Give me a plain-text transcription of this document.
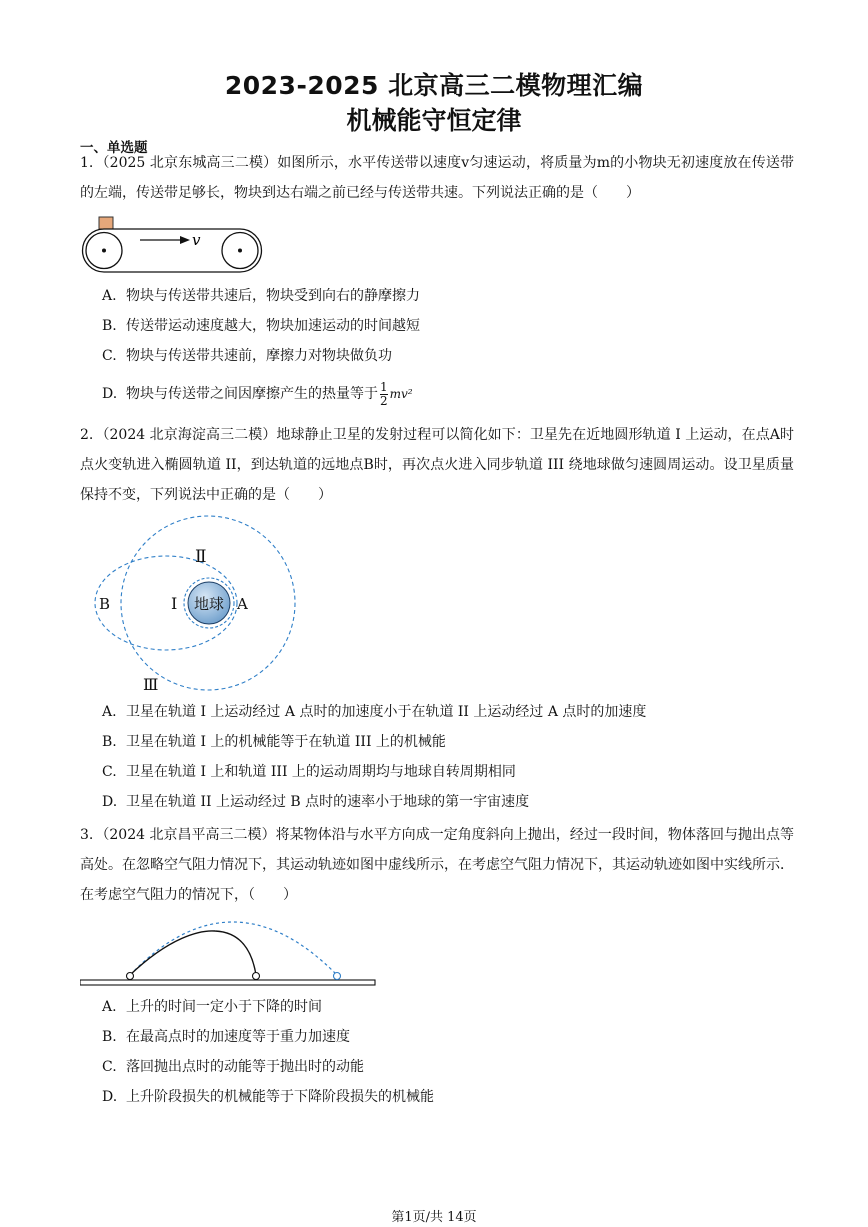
2023-2025 北京高三二模物理汇编
机械能守恒定律
一、单选题
1. （2025 北京东城高三二模）如图所示，水平传送带以速度v匀速运动，将质量为m的小物块无初速度放在传送带的左端，传送带足够长，物块到达右端之前已经与传送带共速。下列说法正确的是（　　）
v
A. 物块与传送带共速后，物块受到向右的静摩擦力
B. 传送带运动速度越大，物块加速运动的时间越短
C. 物块与传送带共速前，摩擦力对物块做负功
D. 物块与传送带之间因摩擦产生的热量等于 $\frac{1}{2} mv^2$
2. （2024 北京海淀高三二模）地球静止卫星的发射过程可以简化如下：卫星先在近地圆形轨道 I 上运动，在点A时点火变轨进入椭圆轨道 II，到达轨道的远地点B时，再次点火进入同步轨道 III 绕地球做匀速圆周运动。设卫星质量保持不变，下列说法中正确的是（　　）
地球
Ⅱ
Ⅰ
Ⅲ
B	A
A. 卫星在轨道 I 上运动经过 A 点时的加速度小于在轨道 II 上运动经过 A 点时的加速度
B. 卫星在轨道 I 上的机械能等于在轨道 III 上的机械能
C. 卫星在轨道 I 上和轨道 III 上的运动周期均与地球自转周期相同
D. 卫星在轨道 II 上运动经过 B 点时的速率小于地球的第一宇宙速度
3. （2024 北京昌平高三二模）将某物体沿与水平方向成一定角度斜向上抛出，经过一段时间，物体落回与抛出点等高处。在忽略空气阻力情况下，其运动轨迹如图中虚线所示，在考虑空气阻力情况下，其运动轨迹如图中实线所示．在考虑空气阻力的情况下，（　　）
A. 上升的时间一定小于下降的时间
B. 在最高点时的加速度等于重力加速度
C. 落回抛出点时的动能等于抛出时的动能
D. 上升阶段损失的机械能等于下降阶段损失的机械能
第1页/共 14页
